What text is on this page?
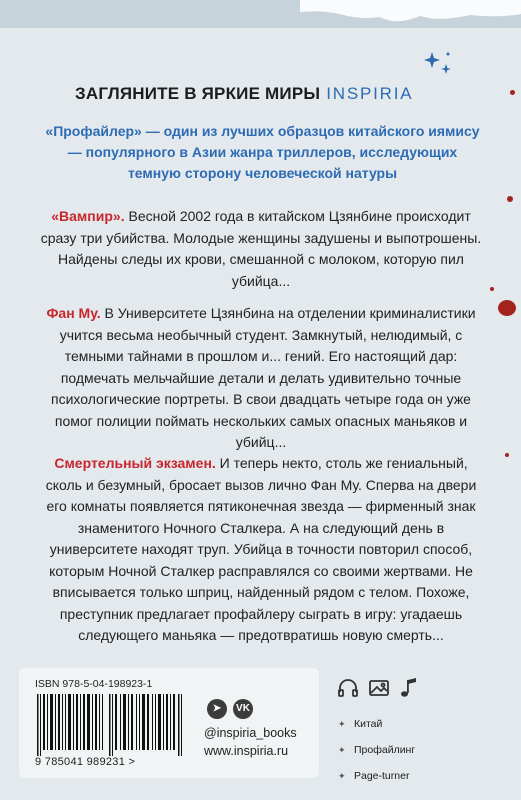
ЗАГЛЯНИТЕ В ЯРКИЕ МИРЫ INSPIRIA
«Профайлер» — один из лучших образцов китайского иямису — популярного в Азии жанра триллеров, исследующих темную сторону человеческой натуры
«Вампир». Весной 2002 года в китайском Цзянбине происходит сразу три убийства. Молодые женщины задушены и выпотрошены. Найдены следы их крови, смешанной с молоком, которую пил убийца...
Фан Му. В Университете Цзянбина на отделении криминалистики учится весьма необычный студент. Замкнутый, нелюдимый, с темными тайнами в прошлом и... гений. Его настоящий дар: подмечать мельчайшие детали и делать удивительно точные психологические портреты. В свои двадцать четыре года он уже помог полиции поймать нескольких самых опасных маньяков и убийц...
Смертельный экзамен. И теперь некто, столь же гениальный, сколь и безумный, бросает вызов лично Фан Му. Сперва на двери его комнаты появляется пятиконечная звезда — фирменный знак знаменитого Ночного Сталкера. А на следующий день в университете находят труп. Убийца в точности повторил способ, которым Ночной Сталкер расправлялся со своими жертвами. Не вписывается только шприц, найденный рядом с телом. Похоже, преступник предлагает профайлеру сыграть в игру: угадаешь следующего маньяка — предотвратишь новую смерть...
ISBN 978-5-04-198923-1
9 785041 989231 >
➤ VK
@inspiria_books
www.inspiria.ru
✦ Китай
✦ Профайлинг
✦ Page-turner
